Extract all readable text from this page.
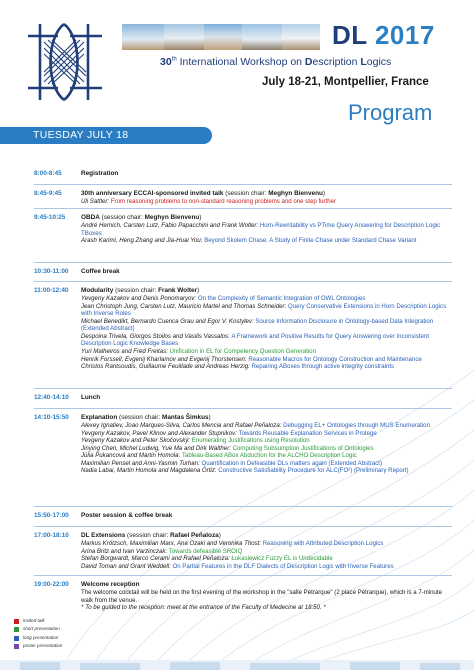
DL 2017
30th International Workshop on Description Logics
July 18-21, Montpellier, France
Program
TUESDAY JULY 18
8:00-8:45	Registration
8:45-9:45	30th anniversary ECCAI-sponsored invited talk (session chair: Meghyn Bienvenu)
Uli Sattler: From reasoning problems to non-standard reasoning problems and one step further
9:45-10:25	OBDA (session chair: Meghyn Bienvenu)
André Hernich, Carsten Lutz, Fabio Papacchini and Frank Wolter: Horn-Rewritability vs PTime Query Answering for Description Logic TBoxes
Arash Karimi, Heng Zhang and Jia-Huai You: Beyond Skolem Chase: A Study of Finite Chase under Standard Chase Variant
10:30-11:00	Coffee break
11:00-12:40	Modularity (session chair: Frank Wolter)
Yevgeny Kazakov and Denis Ponomaryov: On the Complexity of Semantic Integration of OWL Ontologies
Jean Christoph Jung, Carsten Lutz, Mauricio Martel and Thomas Schneider: Query Conservative Extensions in Horn Description Logics with Inverse Roles
Michael Benedikt, Bernardo Cuenca Grau and Egor V. Kostylev: Source Information Disclosure in Ontology-based Data Integration (Extended Abstract)
Despoina Trivela, Giorgos Stoilos and Vasilis Vassalos: A Framework and Positive Results for Query Answering over Inconsistent Description Logic Knowledge Bases
Yuri Malheiros and Fred Freitas: Unification in EL for Competency Question Generation
Henrik Forssell, Evgenij Kharlamov and Evgenij Thorstensen: Reasonable Macros for Ontology Construction and Maintenance
Christos Rantsoudis, Guillaume Feuillade and Andreas Herzig: Repairing ABoxes through active integrity constraints
12:40-14:10	Lunch
14:10-15:50	Explanation (session chair: Mantas Šimkus)
Alexey Ignatiev, Joao Marques-Silva, Carlos Mencia and Rafael Peñaloza: Debugging EL+ Ontologies through MUS Enumeration
Yevgeny Kazakov, Pavel Klinov and Alexander Stupnikov: Towards Reusable Explanation Services in Protege
Yevgeny Kazakov and Peter Skočovský: Enumerating Justifications using Resolution
Jinying Chen, Michel Ludwig, Yue Ma and Dirk Walther: Computing Subsumption Justifications of Ontologies
Júlia Pukancová and Martin Homola: Tableau-Based ABox Abduction for the ALCHO Description Logic
Maximilian Pensel and Anni-Yasmin Turhan: Quantification in Defeasible DLs matters again (Extended Abstract)
Nadia Labai, Martin Homola and Magdalena Ortiz: Constructive Satisfiability Procedure for ALC(FO²) (Preliminary Report)
15:50-17:00	Poster session & coffee break
17:00-18:10	DL Extensions (session chair: Rafael Peñaloza)
Markus Krötzsch, Maximilian Marx, Ana Ozaki and Veronika Thost: Reasoning with Attributed Description Logics
Arina Britz and Ivan Varzinczak: Towards defeasible SROIQ
Stefan Borgwardt, Marco Cerami and Rafael Peñaloza: Łukasiewicz Fuzzy EL is Undecidable
David Toman and Grant Weddell: On Partial Features in the DLF Dialects of Description Logic with Inverse Features
19:00-22:00	Welcome reception
The welcome cocktail will be held on the first evening of the workshop in the "salle Pétrarque" (2 place Pétrarque), which is a 7-minute walk from the venue.
* To be guided to the reception: meet at the entrance of the Faculty of Medecine at 18:50. *
invited talk
short presentation
long presentation
poster presentation
